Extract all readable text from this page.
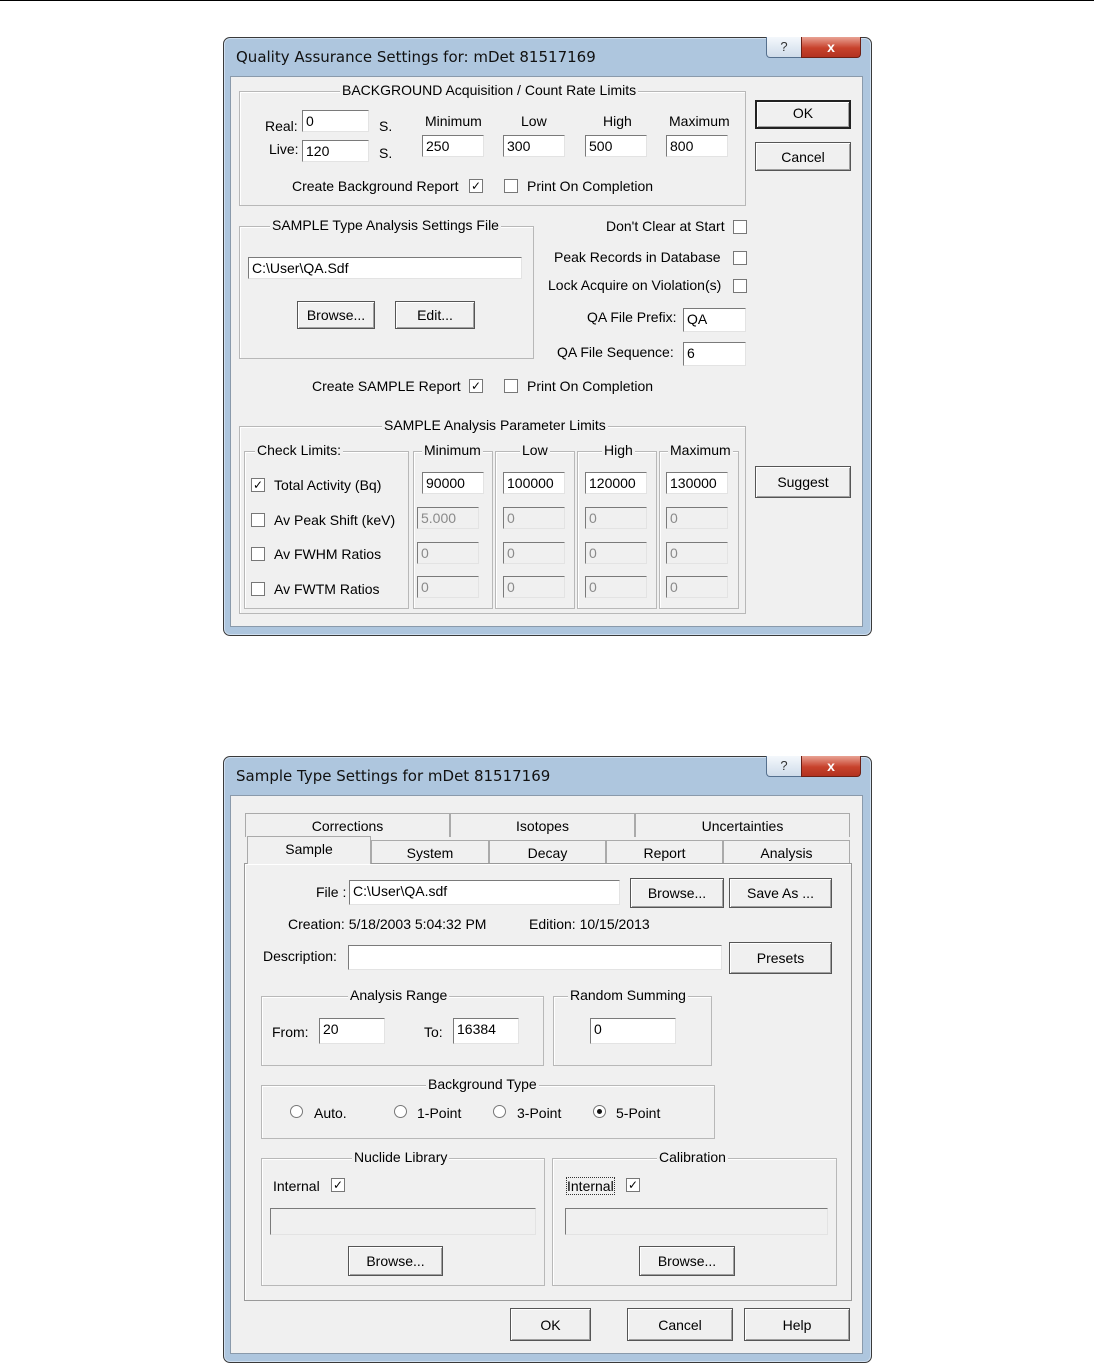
Quality Assurance Settings for: mDet 81517169
?	x
BACKGROUND Acquisition / Count Rate Limits
Real: 0	S.
Live: 120	S.
Minimum	Low	High	Maximum
250	300	500	800
Create Background Report ✓	Print On Completion
OK
Cancel
SAMPLE Type Analysis Settings File
C:\User\QA.Sdf
Browse...	Edit...
Don't Clear at Start
Peak Records in Database
Lock Acquire on Violation(s)
QA File Prefix: QA
QA File Sequence: 6
Create SAMPLE Report ✓	Print On Completion
SAMPLE Analysis Parameter Limits
Check Limits:	Minimum	Low	High	Maximum
✓ Total Activity (Bq)	90000	100000	120000	130000
Av Peak Shift (keV) 5.000	0	0	0
Av FWHM Ratios	0	0	0	0
Av FWTM Ratios	0	0	0	0
Suggest
Sample Type Settings for mDet 81517169
?	x
Corrections	Isotopes	Uncertainties
Sample	System	Decay	Report	Analysis
File : C:\User\QA.sdf	Browse...	Save As ...
Creation: 5/18/2003 5:04:32 PM	Edition: 10/15/2013
Description:	Presets
Analysis Range
From: 20	To: 16384
Random Summing
0
Background Type
Auto.	1-Point	3-Point	5-Point
Nuclide Library
Internal ✓
Browse...
Calibration
Internal ✓
Browse...
OK	Cancel	Help
